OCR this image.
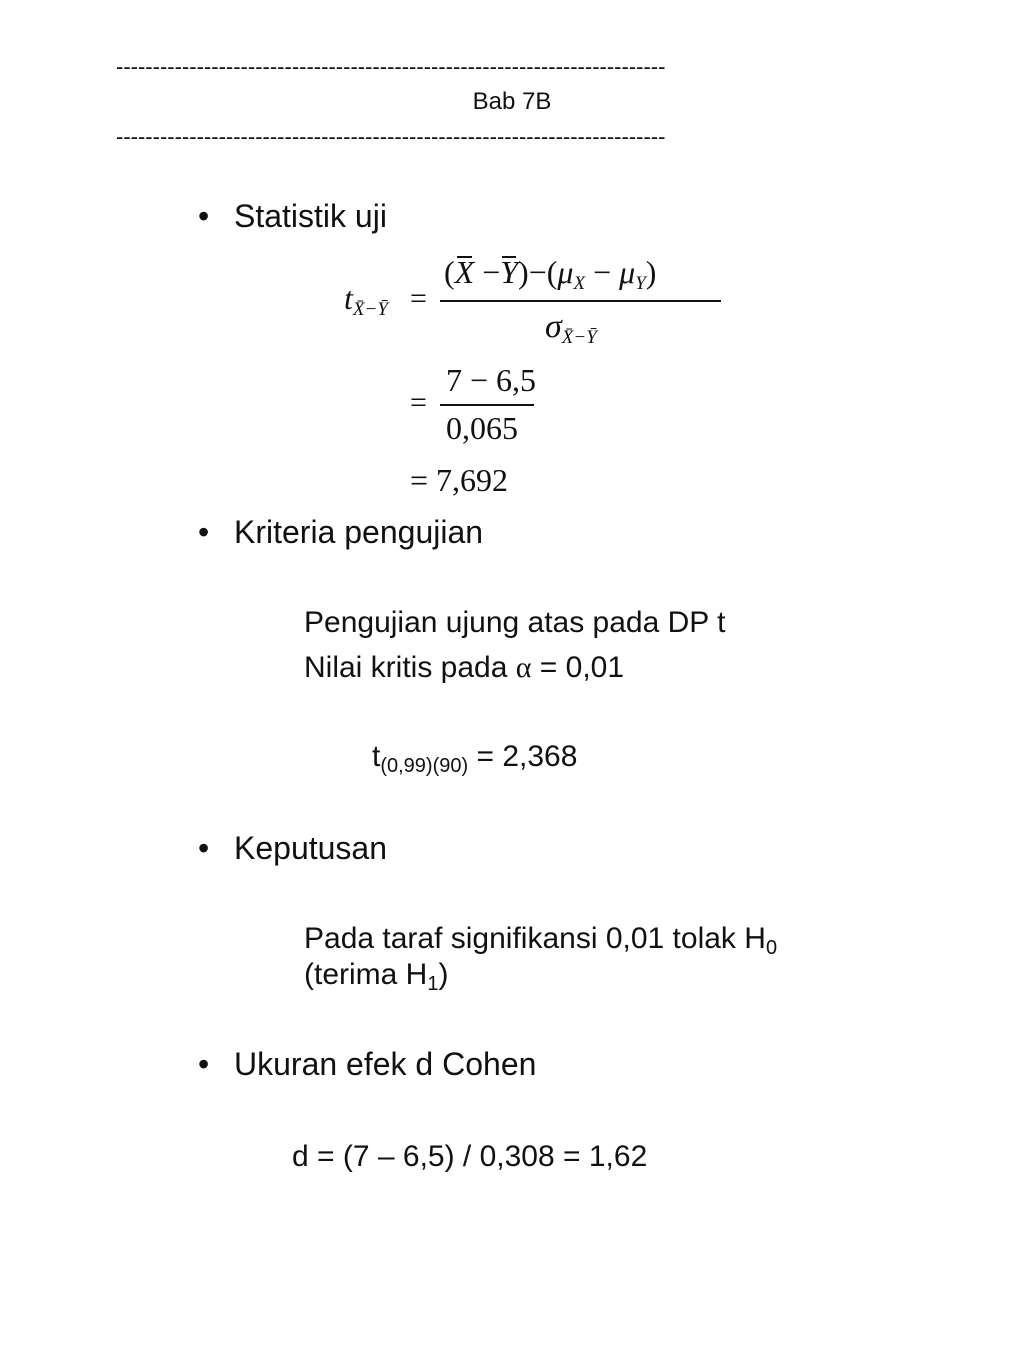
---------------------------------------------------------------------------
Bab 7B
---------------------------------------------------------------------------
• Statistik uji
$t_{X̄-Ȳ}$ =
$(X -Y)-(\mu_X - \mu_Y)$
$\sigma_{X̄-Ȳ}$
=
7 − 6,5
0,065
= 7,692
• Kriteria pengujian
Pengujian ujung atas pada DP t
Nilai kritis pada α = 0,01
$t_{(0,99)(90)} = 2,368$
• Keputusan
Pada taraf signifikansi 0,01 tolak $H_0$
(terima $H_1$)
• Ukuran efek d Cohen
d = (7 – 6,5) / 0,308 = 1,62
